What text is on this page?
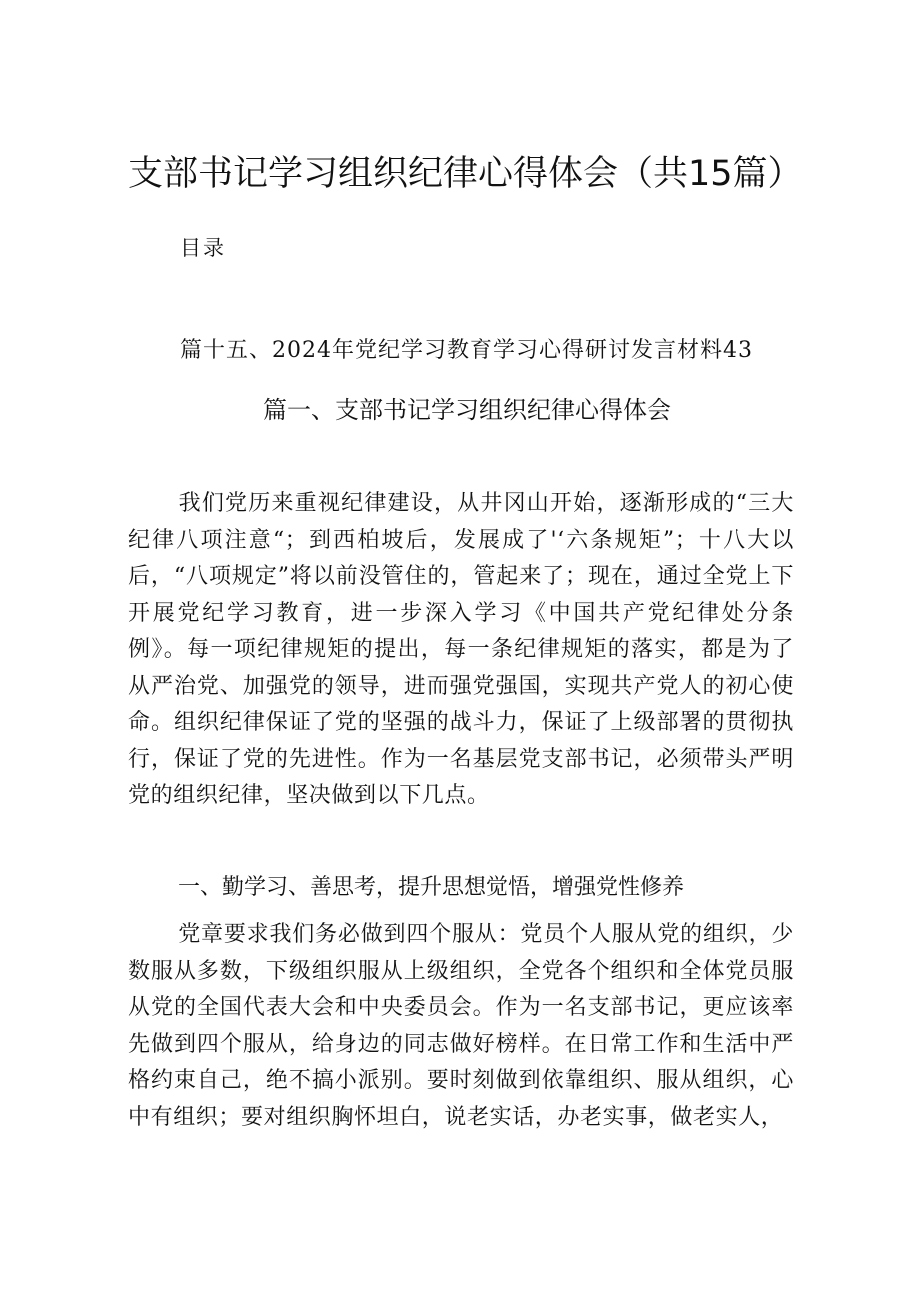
支部书记学习组织纪律心得体会（共15篇）
目录
篇十五、2024年党纪学习教育学习心得研讨发言材料43
篇一、支部书记学习组织纪律心得体会

我们党历来重视纪律建设，从井冈山开始，逐渐形成的“三大纪律八项注意“；到西柏坡后，发展成了'‘六条规矩”；十八大以后，“八项规定”将以前没管住的，管起来了；现在，通过全党上下开展党纪学习教育，进一步深入学习《中国共产党纪律处分条例》。每一项纪律规矩的提出，每一条纪律规矩的落实，都是为了从严治党、加强党的领导，进而强党强国，实现共产党人的初心使命。组织纪律保证了党的坚强的战斗力，保证了上级部署的贯彻执行，保证了党的先进性。作为一名基层党支部书记，必须带头严明党的组织纪律，坚决做到以下几点。

一、勤学习、善思考，提升思想觉悟，增强党性修养

党章要求我们务必做到四个服从：党员个人服从党的组织，少数服从多数，下级组织服从上级组织，全党各个组织和全体党员服从党的全国代表大会和中央委员会。作为一名支部书记，更应该率先做到四个服从，给身边的同志做好榜样。在日常工作和生活中严格约束自己，绝不搞小派别。要时刻做到依靠组织、服从组织，心中有组织；要对组织胸怀坦白，说老实话，办老实事，做老实人，
